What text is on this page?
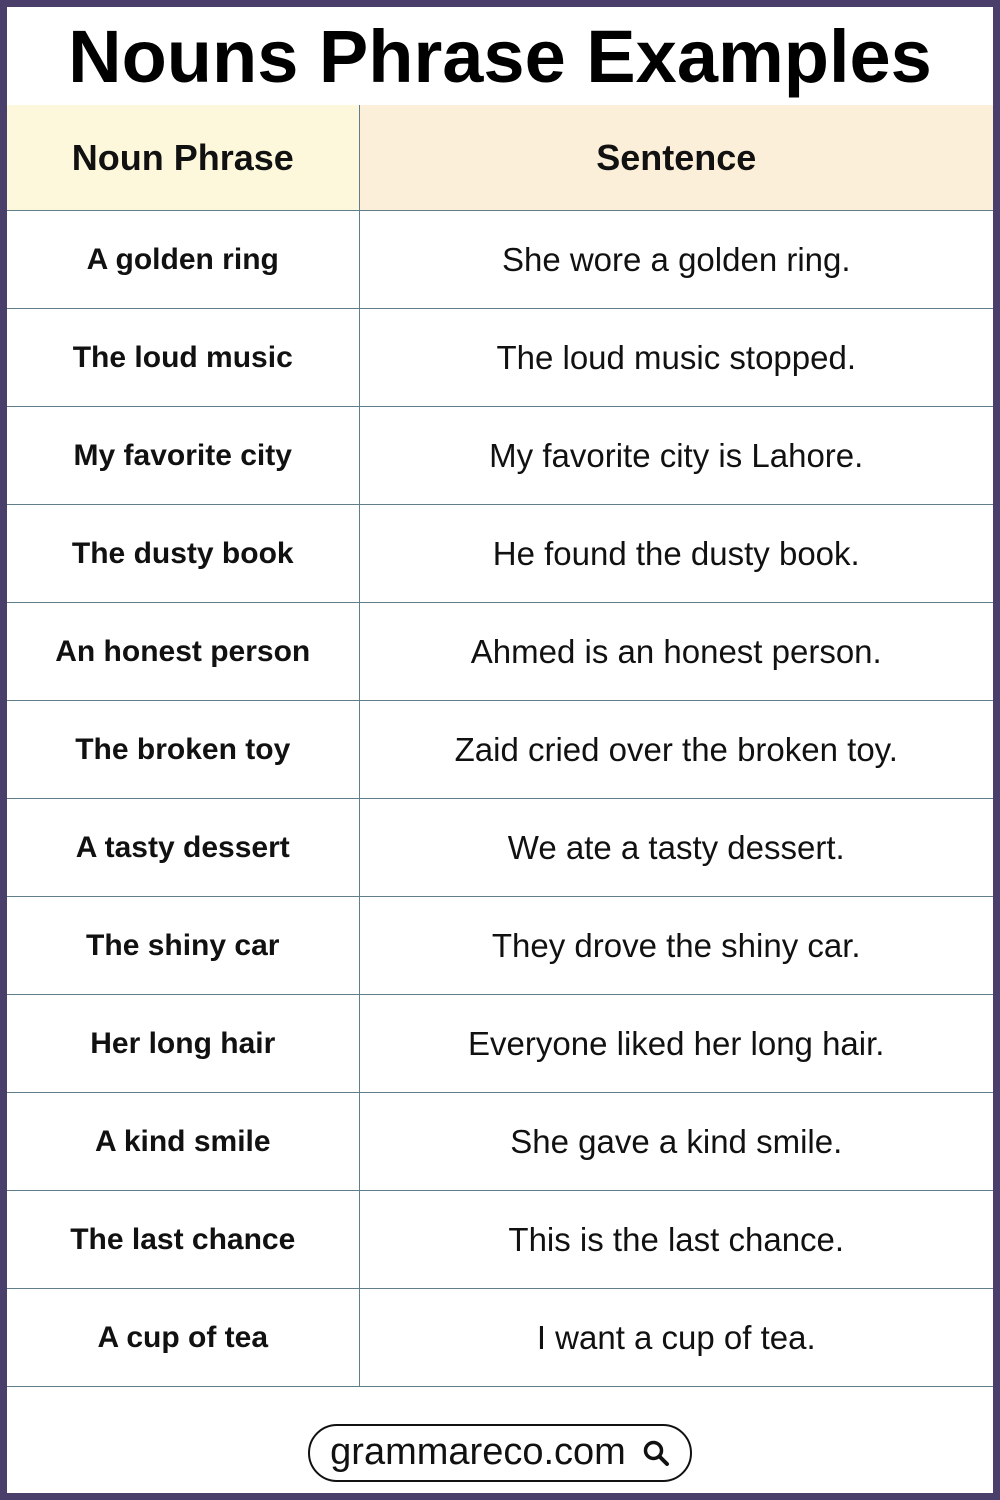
Nouns Phrase Examples
Noun Phrase	Sentence
A golden ring	She wore a golden ring.
The loud music	The loud music stopped.
My favorite city	My favorite city is Lahore.
The dusty book	He found the dusty book.
An honest person	Ahmed is an honest person.
The broken toy	Zaid cried over the broken toy.
A tasty dessert	We ate a tasty dessert.
The shiny car	They drove the shiny car.
Her long hair	Everyone liked her long hair.
A kind smile	She gave a kind smile.
The last chance	This is the last chance.
A cup of tea	I want a cup of tea.
grammareco.com
